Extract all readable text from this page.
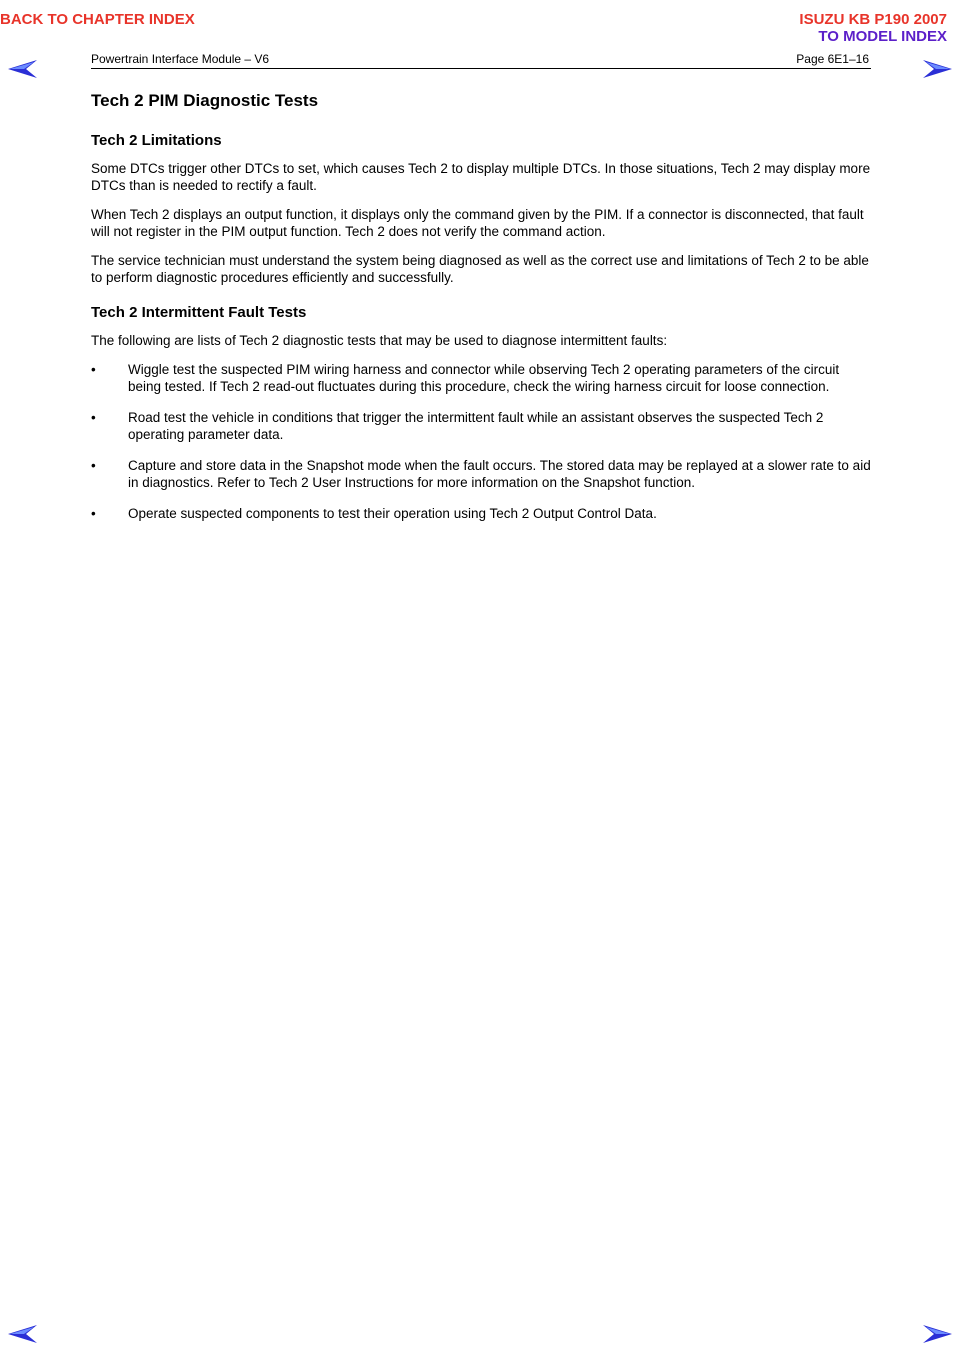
BACK TO CHAPTER INDEX	ISUZU KB P190 2007
TO MODEL INDEX
Powertrain Interface Module – V6	Page 6E1–16
Tech 2 PIM Diagnostic Tests
Tech 2 Limitations

Some DTCs trigger other DTCs to set, which causes Tech 2 to display multiple DTCs. In those situations, Tech 2 may display more DTCs than is needed to rectify a fault.

When Tech 2 displays an output function, it displays only the command given by the PIM. If a connector is disconnected, that fault will not register in the PIM output function. Tech 2 does not verify the command action.

The service technician must understand the system being diagnosed as well as the correct use and limitations of Tech 2 to be able to perform diagnostic procedures efficiently and successfully.

Tech 2 Intermittent Fault Tests

The following are lists of Tech 2 diagnostic tests that may be used to diagnose intermittent faults:

•	Wiggle test the suspected PIM wiring harness and connector while observing Tech 2 operating parameters of the circuit being tested. If Tech 2 read-out fluctuates during this procedure, check the wiring harness circuit for loose connection.
•	Road test the vehicle in conditions that trigger the intermittent fault while an assistant observes the suspected Tech 2 operating parameter data.
•	Capture and store data in the Snapshot mode when the fault occurs. The stored data may be replayed at a slower rate to aid in diagnostics. Refer to Tech 2 User Instructions for more information on the Snapshot function.
•	Operate suspected components to test their operation using Tech 2 Output Control Data.
